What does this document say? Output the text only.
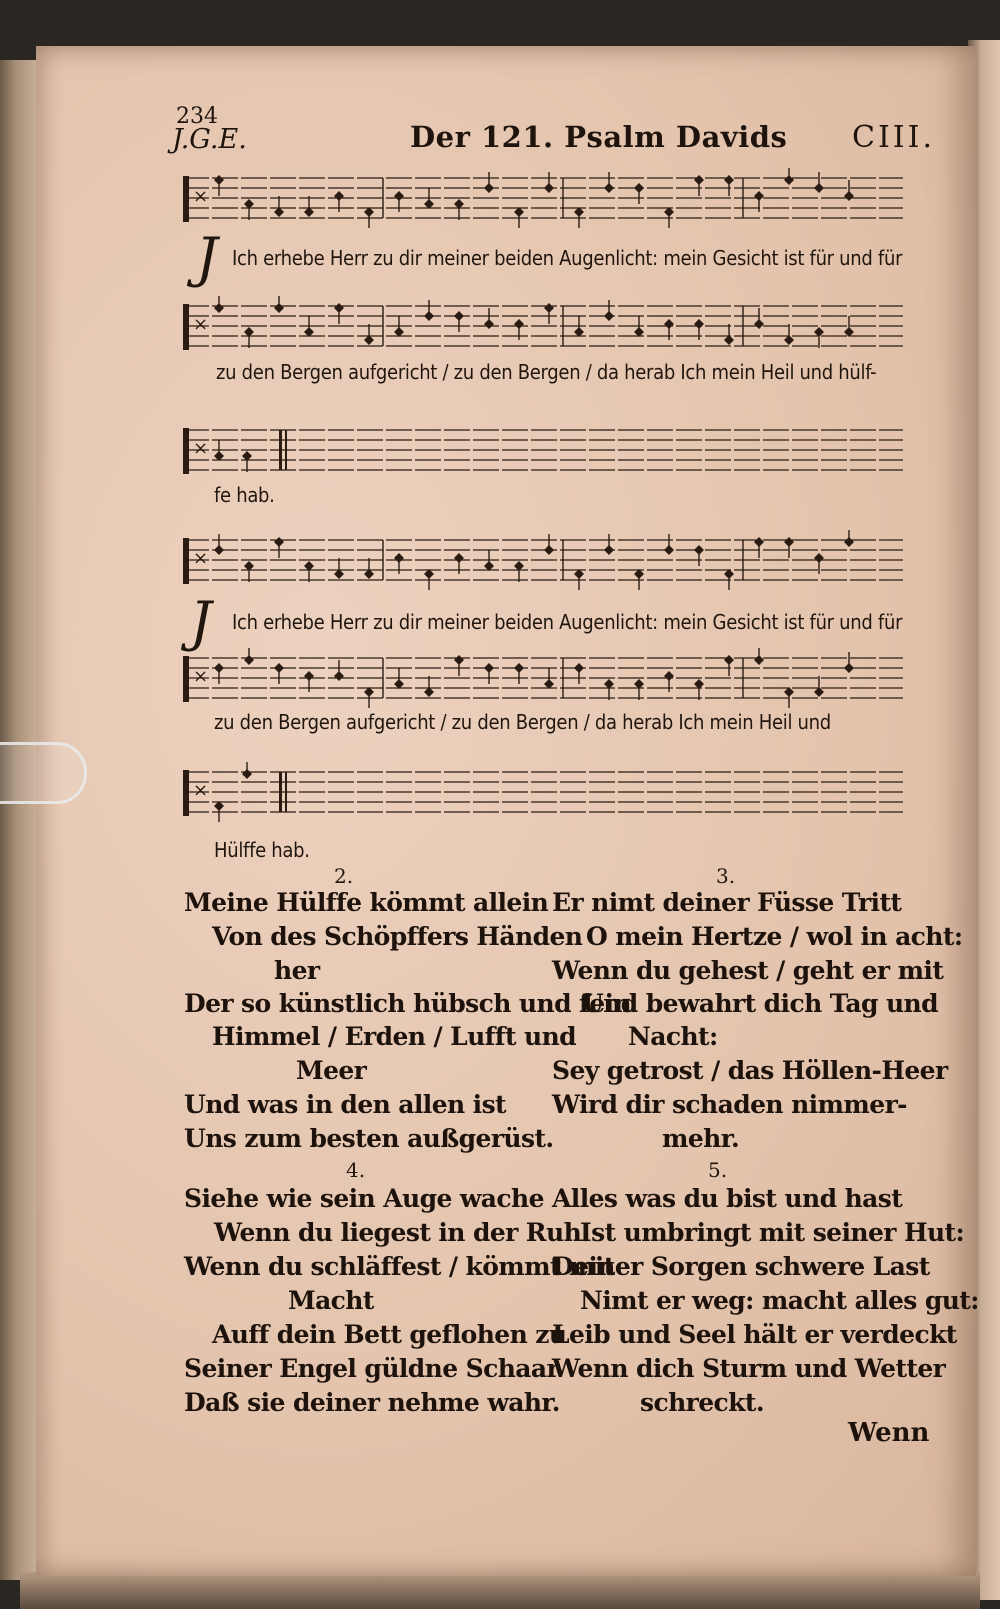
234
J.G.E.	Der 121. Psalm Davids CIII.
×
J Ich erhebe Herr zu dir meiner beiden Augenlicht: mein Gesicht ist für und für
×
zu den Bergen aufgericht / zu den Bergen / da herab Ich mein Heil und hülf-
×
fe hab.
×
J Ich erhebe Herr zu dir meiner beiden Augenlicht: mein Gesicht ist für und für
×
zu den Bergen aufgericht / zu den Bergen / da herab Ich mein Heil und
×
Hülffe hab.
2.
Meine Hülffe kömmt allein
Von des Schöpffers Händen
her
Der so künstlich hübsch und fein
Himmel / Erden / Lufft und
Meer
Und was in den allen ist
Uns zum besten außgerüst.
3.
Er nimt deiner Füsse Tritt
O mein Hertze / wol in acht:
Wenn du gehest / geht er mit
Und bewahrt dich Tag und
Nacht:
Sey getrost / das Höllen-Heer
Wird dir schaden nimmer-
mehr.
4.
Siehe wie sein Auge wache
Wenn du liegest in der Ruh:
Wenn du schläffest / kömmt mit
Macht
Auff dein Bett geflohen zu
Seiner Engel güldne Schaar
Daß sie deiner nehme wahr.
5.
Alles was du bist und hast
Ist umbringt mit seiner Hut:
Deiner Sorgen schwere Last
Nimt er weg: macht alles gut:
Leib und Seel hält er verdeckt
Wenn dich Sturm und Wetter
schreckt.
Wenn
